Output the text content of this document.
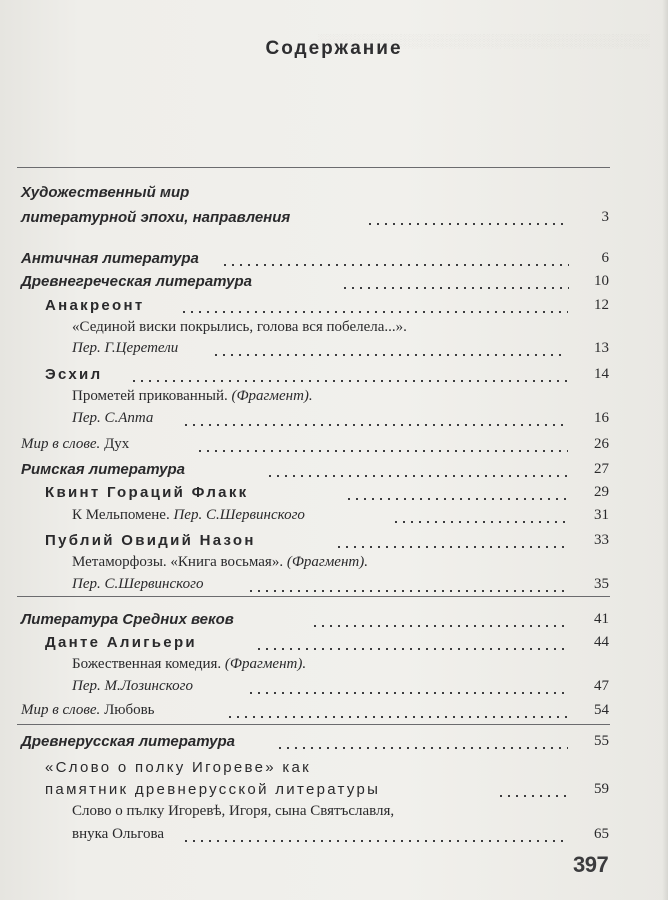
░░░░░░░░░░░░░░░░░░░░░░░░░░░░░░░░░░░░
Содержание
Художественный мир
литературной эпохи, направления	3
Античная литература	6
Древнегреческая литература	10
Анакреонт	12
«Сединой виски покрылись, голова вся побелела...».
Пер. Г.Церетели	13
Эсхил	14
Прометей прикованный. (Фрагмент).
Пер. С.Апта	16
Мир в слове. Дух	26
Римская литература	27
Квинт Гораций Флакк	29
К Мельпомене. Пер. С.Шервинского	31
Публий Овидий Назон	33
Метаморфозы. «Книга восьмая». (Фрагмент).
Пер. С.Шервинского	35
Литература Средних веков	41
Данте Алигьери	44
Божественная комедия. (Фрагмент).
Пер. М.Лозинского	47
Мир в слове. Любовь	54
Древнерусская литература	55
«Слово о полку Игореве» как
памятник древнерусской литературы	59
Слово о пълку Игоревѣ, Игоря, сына Святъславля,
внука Ольгова	65
397
